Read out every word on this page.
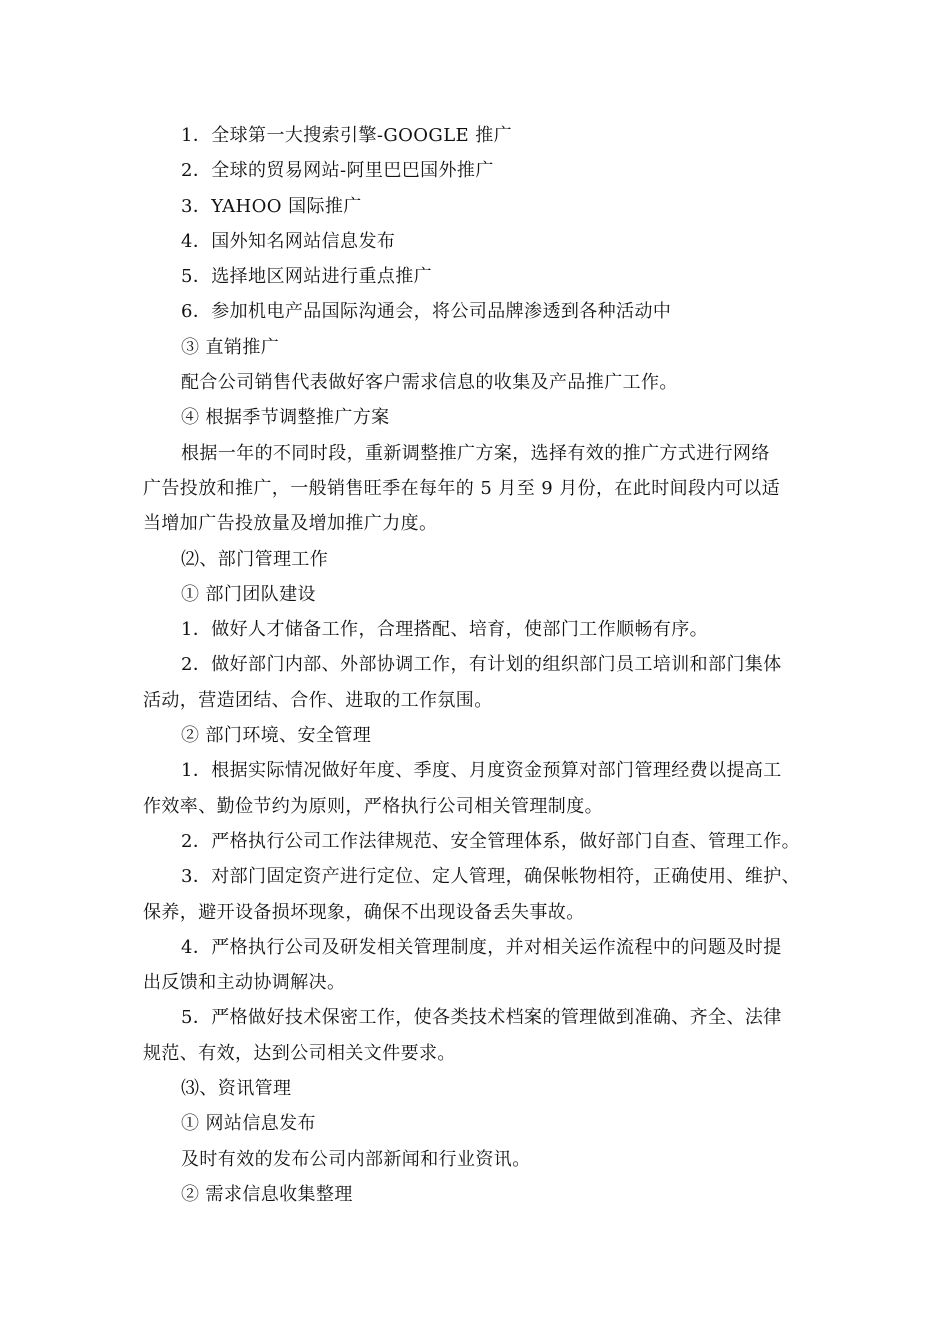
1．全球第一大搜索引擎-GOOGLE 推广
2．全球的贸易网站-阿里巴巴国外推广
3．YAHOO 国际推广
4．国外知名网站信息发布
5．选择地区网站进行重点推广
6．参加机电产品国际沟通会，将公司品牌渗透到各种活动中
③ 直销推广
配合公司销售代表做好客户需求信息的收集及产品推广工作。
④ 根据季节调整推广方案
根据一年的不同时段，重新调整推广方案，选择有效的推广方式进行网络
广告投放和推广，一般销售旺季在每年的 5 月至 9 月份，在此时间段内可以适
当增加广告投放量及增加推广力度。
⑵、部门管理工作
① 部门团队建设
1．做好人才储备工作，合理搭配、培育，使部门工作顺畅有序。
2．做好部门内部、外部协调工作，有计划的组织部门员工培训和部门集体
活动，营造团结、合作、进取的工作氛围。
② 部门环境、安全管理
1．根据实际情况做好年度、季度、月度资金预算对部门管理经费以提高工
作效率、勤俭节约为原则，严格执行公司相关管理制度。
2．严格执行公司工作法律规范、安全管理体系，做好部门自查、管理工作。
3．对部门固定资产进行定位、定人管理，确保帐物相符，正确使用、维护、
保养，避开设备损坏现象，确保不出现设备丢失事故。
4．严格执行公司及研发相关管理制度，并对相关运作流程中的问题及时提
出反馈和主动协调解决。
5．严格做好技术保密工作，使各类技术档案的管理做到准确、齐全、法律
规范、有效，达到公司相关文件要求。
⑶、资讯管理
① 网站信息发布
及时有效的发布公司内部新闻和行业资讯。
② 需求信息收集整理
